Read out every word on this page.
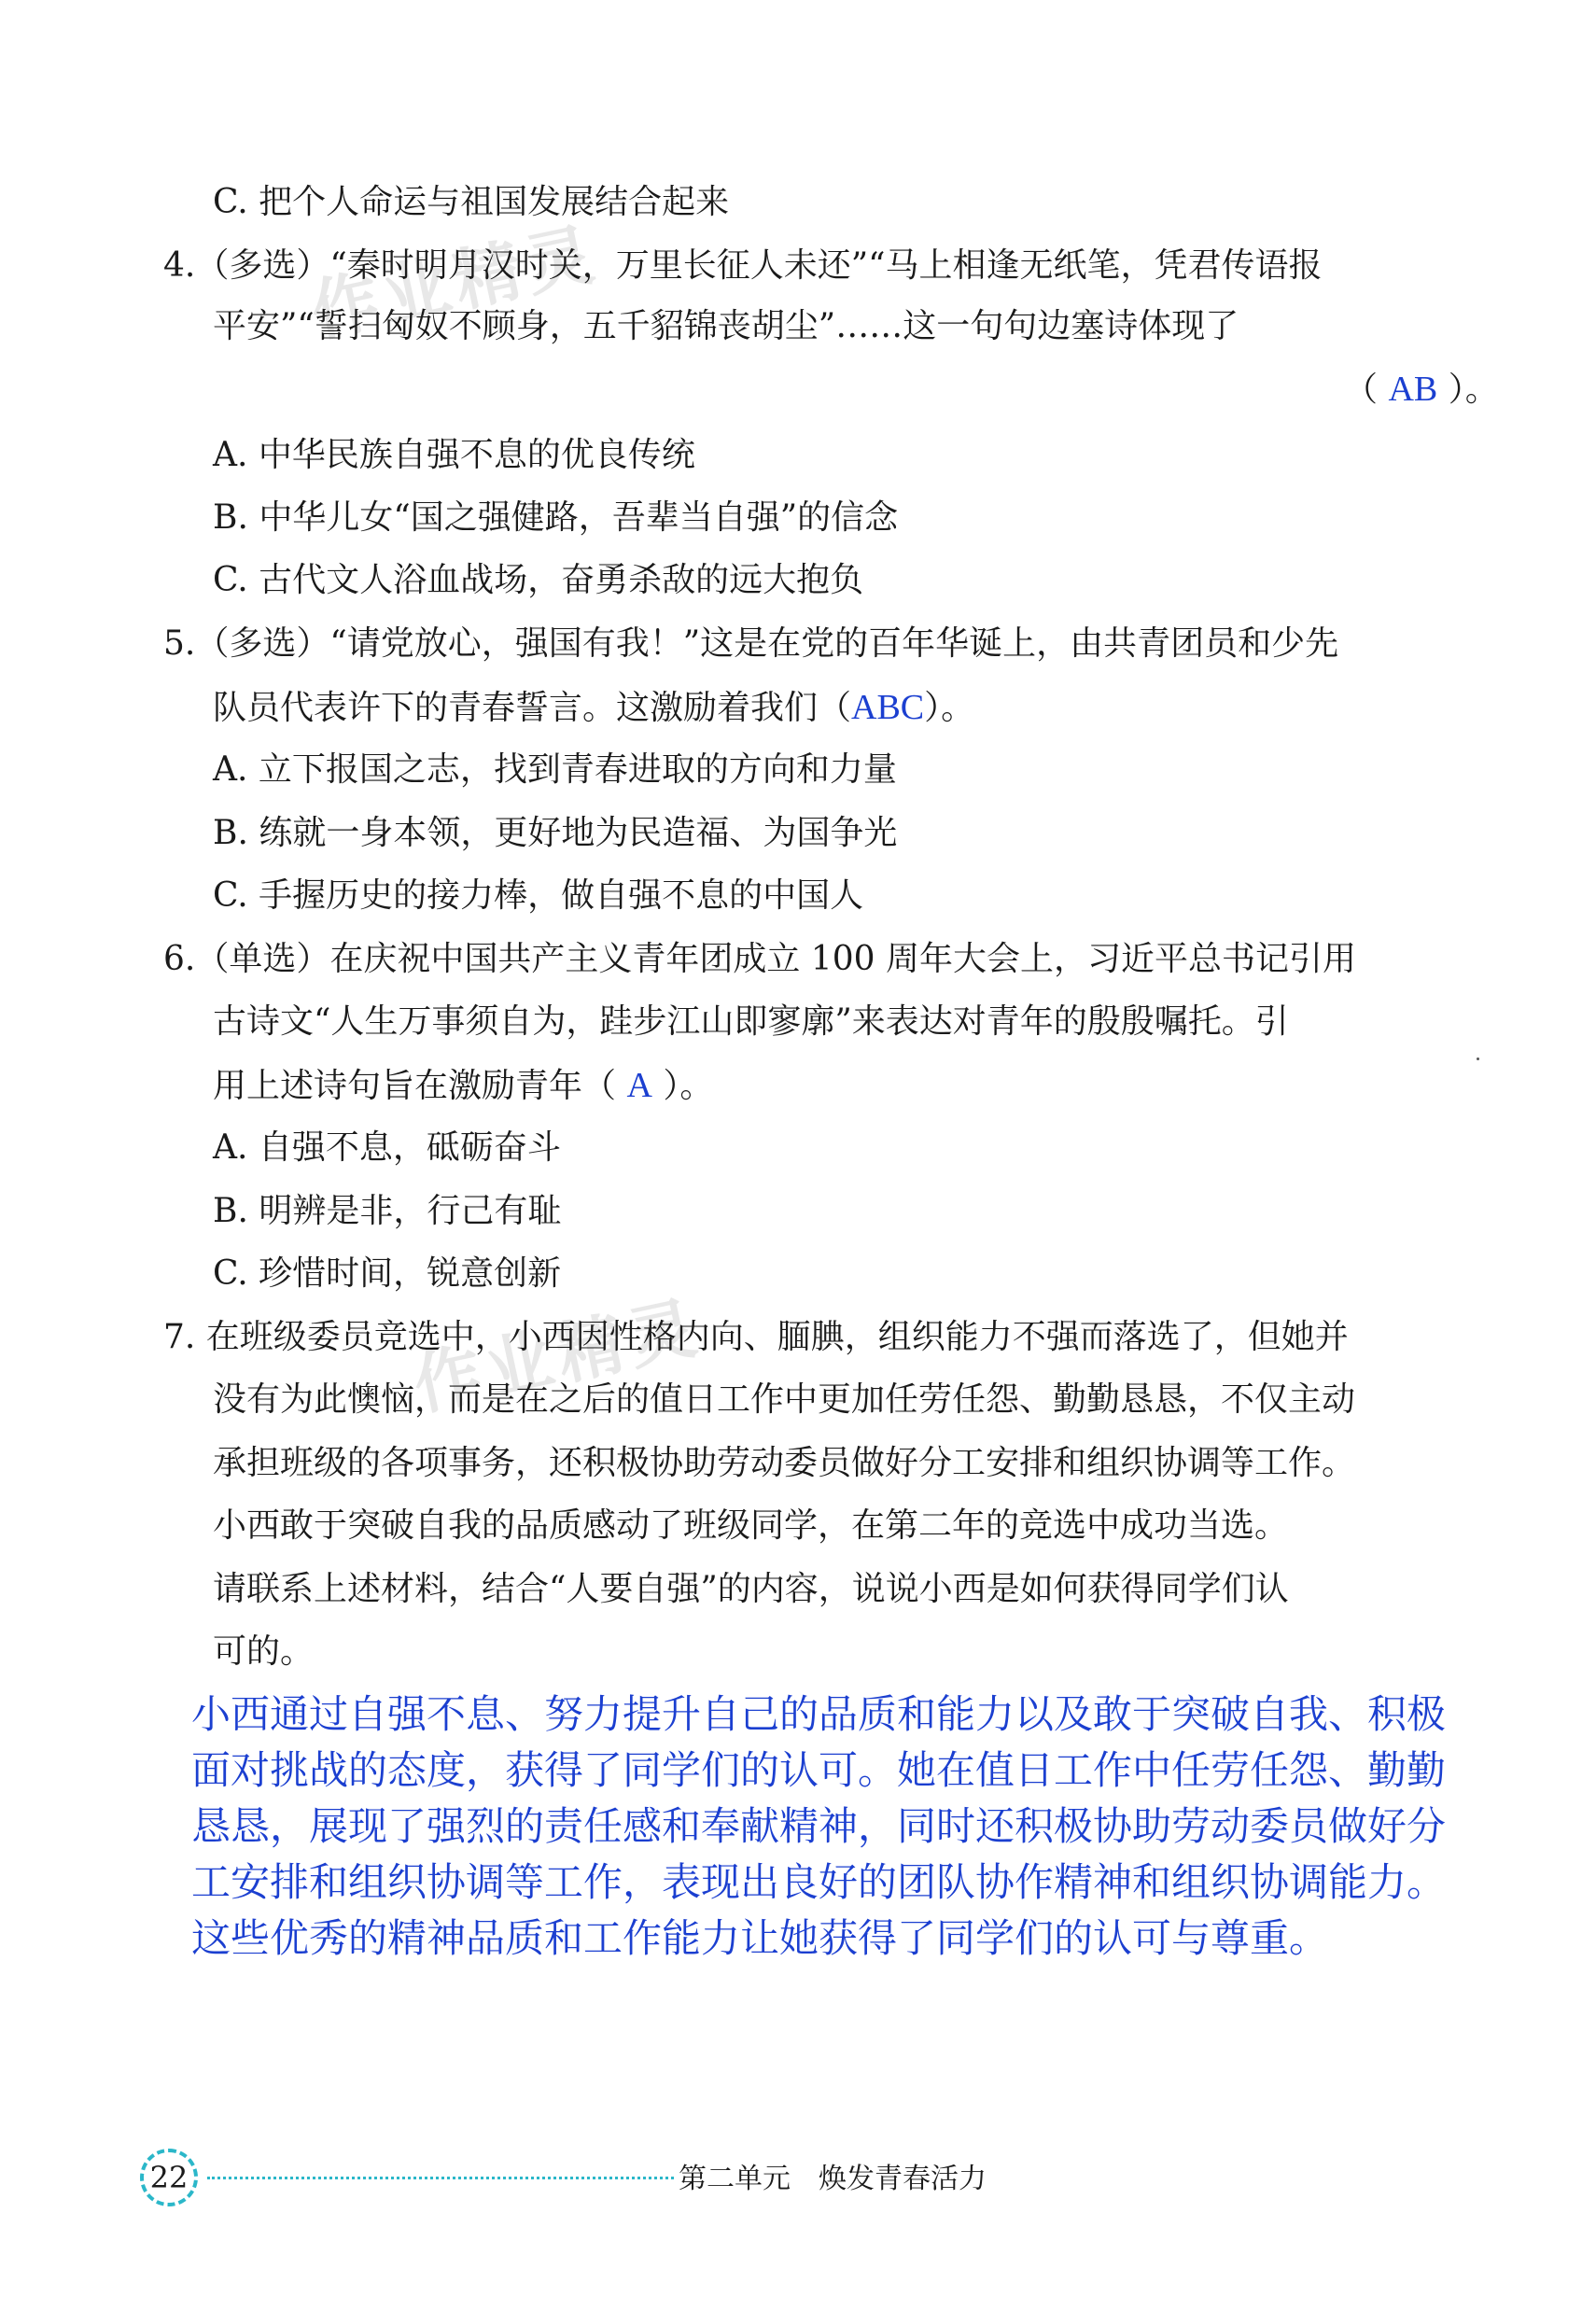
作业精灵
作业精灵
C. 把个人命运与祖国发展结合起来
4.（多选）“秦时明月汉时关，万里长征人未还”“马上相逢无纸笔，凭君传语报
平安”“誓扫匈奴不顾身，五千貂锦丧胡尘”……这一句句边塞诗体现了
（ AB ）。
A. 中华民族自强不息的优良传统
B. 中华儿女“国之强健路，吾辈当自强”的信念
C. 古代文人浴血战场，奋勇杀敌的远大抱负
5.（多选）“请党放心，强国有我！”这是在党的百年华诞上，由共青团员和少先
队员代表许下的青春誓言。这激励着我们（ABC）。
A. 立下报国之志，找到青春进取的方向和力量
B. 练就一身本领，更好地为民造福、为国争光
C. 手握历史的接力棒，做自强不息的中国人
6.（单选）在庆祝中国共产主义青年团成立 100 周年大会上，习近平总书记引用
古诗文“人生万事须自为，跬步江山即寥廓”来表达对青年的殷殷嘱托。引
用上述诗句旨在激励青年（ A ）。
A. 自强不息，砥砺奋斗
B. 明辨是非，行己有耻
C. 珍惜时间，锐意创新
7. 在班级委员竞选中，小西因性格内向、腼腆，组织能力不强而落选了，但她并
没有为此懊恼，而是在之后的值日工作中更加任劳任怨、勤勤恳恳，不仅主动
承担班级的各项事务，还积极协助劳动委员做好分工安排和组织协调等工作。
小西敢于突破自我的品质感动了班级同学，在第二年的竞选中成功当选。
请联系上述材料，结合“人要自强”的内容，说说小西是如何获得同学们认
可的。
小西通过自强不息、努力提升自己的品质和能力以及敢于突破自我、积极
面对挑战的态度，获得了同学们的认可。她在值日工作中任劳任怨、勤勤
恳恳，展现了强烈的责任感和奉献精神，同时还积极协助劳动委员做好分
工安排和组织协调等工作，表现出良好的团队协作精神和组织协调能力。
这些优秀的精神品质和工作能力让她获得了同学们的认可与尊重。
22	第二单元　焕发青春活力
